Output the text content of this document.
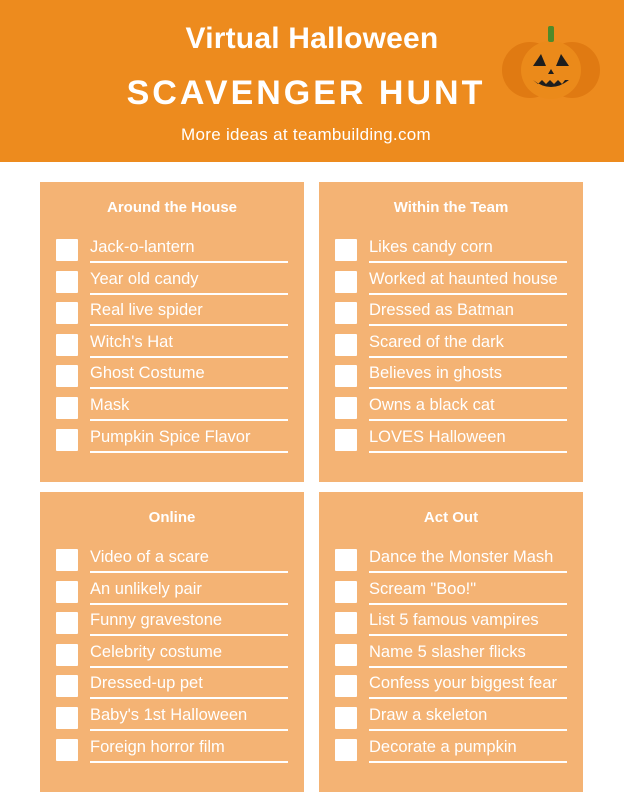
Virtual Halloween
SCAVENGER HUNT
More ideas at teambuilding.com
Around the House
Jack-o-lantern
Year old candy
Real live spider
Witch's Hat
Ghost Costume
Mask
Pumpkin Spice Flavor
Within the Team
Likes candy corn
Worked at haunted house
Dressed as Batman
Scared of the dark
Believes in ghosts
Owns a black cat
LOVES Halloween
Online
Video of a scare
An unlikely pair
Funny gravestone
Celebrity costume
Dressed-up pet
Baby's 1st Halloween
Foreign horror film
Act Out
Dance the Monster Mash
Scream "Boo!"
List 5 famous vampires
Name 5 slasher flicks
Confess your biggest fear
Draw a skeleton
Decorate a pumpkin
